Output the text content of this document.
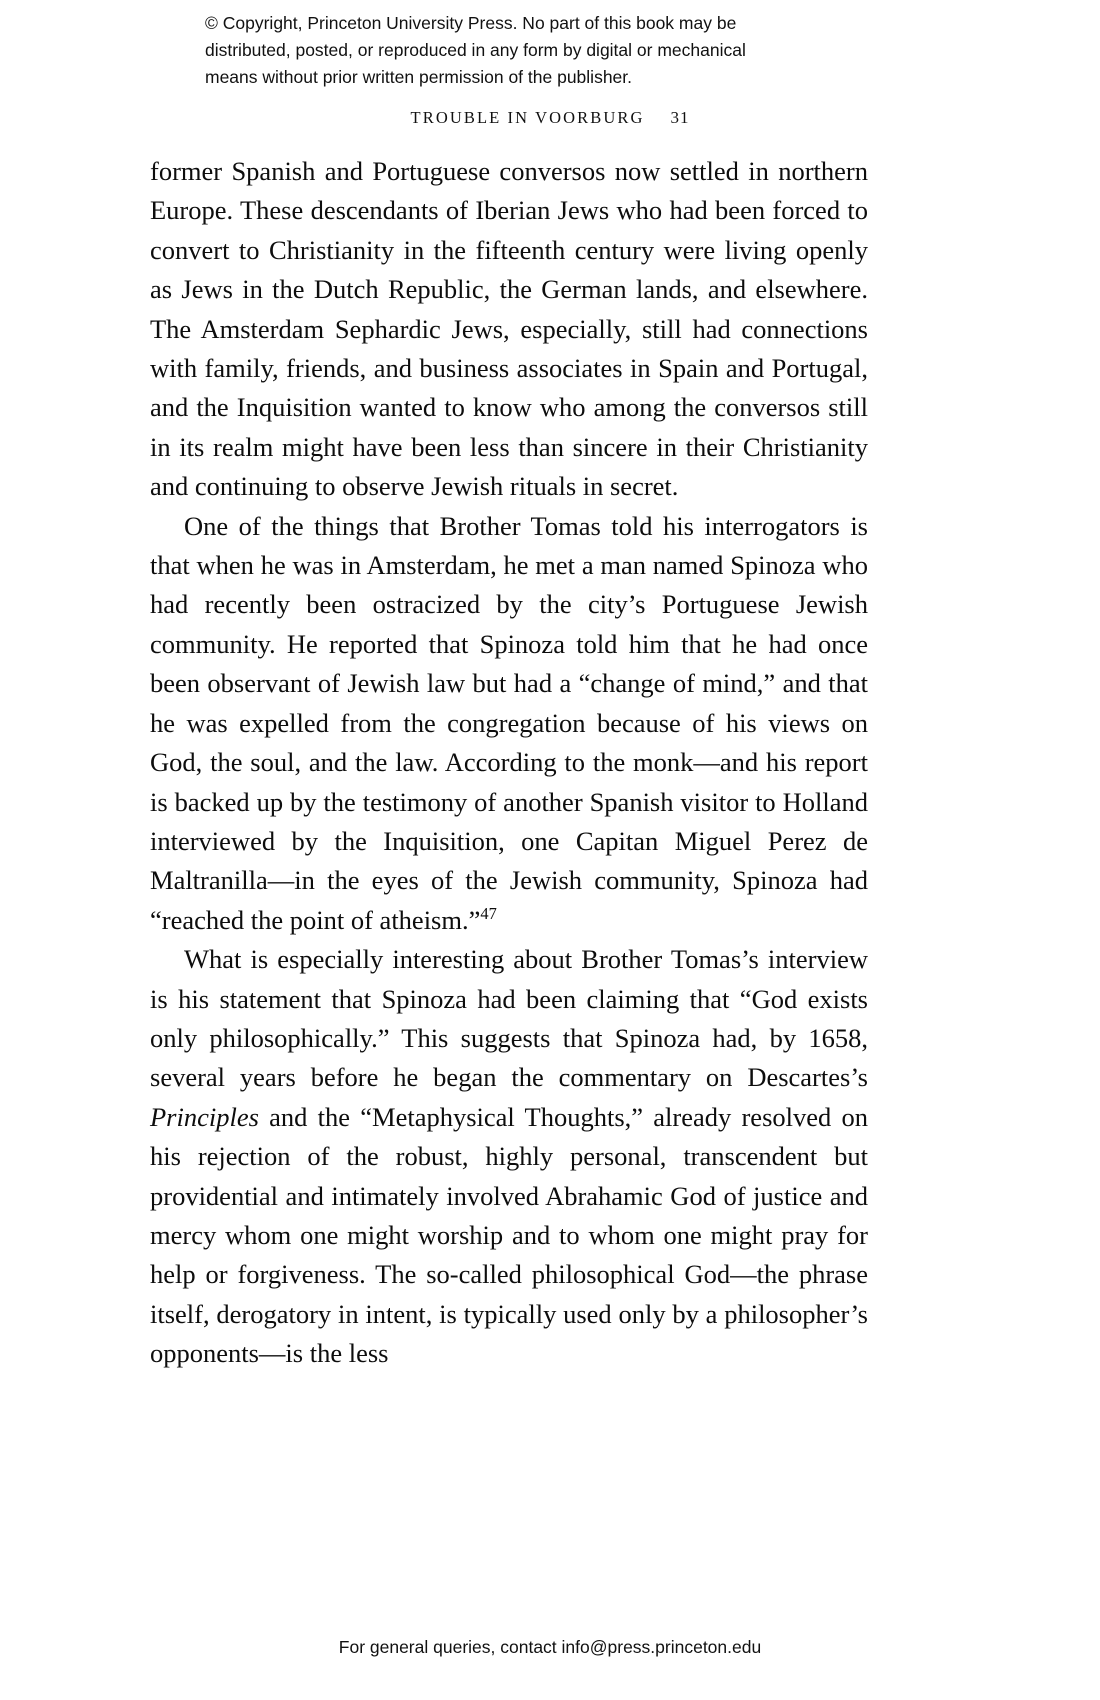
© Copyright, Princeton University Press. No part of this book may be
distributed, posted, or reproduced in any form by digital or mechanical
means without prior written permission of the publisher.
TROUBLE IN VOORBURG 31

former Spanish and Portuguese conversos now settled in northern Europe. These descendants of Iberian Jews who had been forced to convert to Christianity in the fifteenth century were living openly as Jews in the Dutch Republic, the German lands, and elsewhere. The Amsterdam Sephardic Jews, especially, still had connections with family, friends, and business associates in Spain and Portugal, and the Inquisition wanted to know who among the conversos still in its realm might have been less than sincere in their Christianity and continuing to observe Jewish rituals in secret.

One of the things that Brother Tomas told his interrogators is that when he was in Amsterdam, he met a man named Spinoza who had recently been ostracized by the city’s Portuguese Jewish community. He reported that Spinoza told him that he had once been observant of Jewish law but had a “change of mind,” and that he was expelled from the congregation because of his views on God, the soul, and the law. According to the monk—and his report is backed up by the testimony of another Spanish visitor to Holland interviewed by the Inquisition, one Capitan Miguel Perez de Maltranilla—in the eyes of the Jewish community, Spinoza had “reached the point of atheism.”$^{47}$

What is especially interesting about Brother Tomas’s interview is his statement that Spinoza had been claiming that “God exists only philosophically.” This suggests that Spinoza had, by 1658, several years before he began the commentary on Descartes’s Principles and the “Metaphysical Thoughts,” already resolved on his rejection of the robust, highly personal, transcendent but providential and intimately involved Abrahamic God of justice and mercy whom one might worship and to whom one might pray for help or forgiveness. The so-called philosophical God—the phrase itself, derogatory in intent, is typically used only by a philosopher’s opponents—is the less

For general queries, contact info@press.princeton.edu
